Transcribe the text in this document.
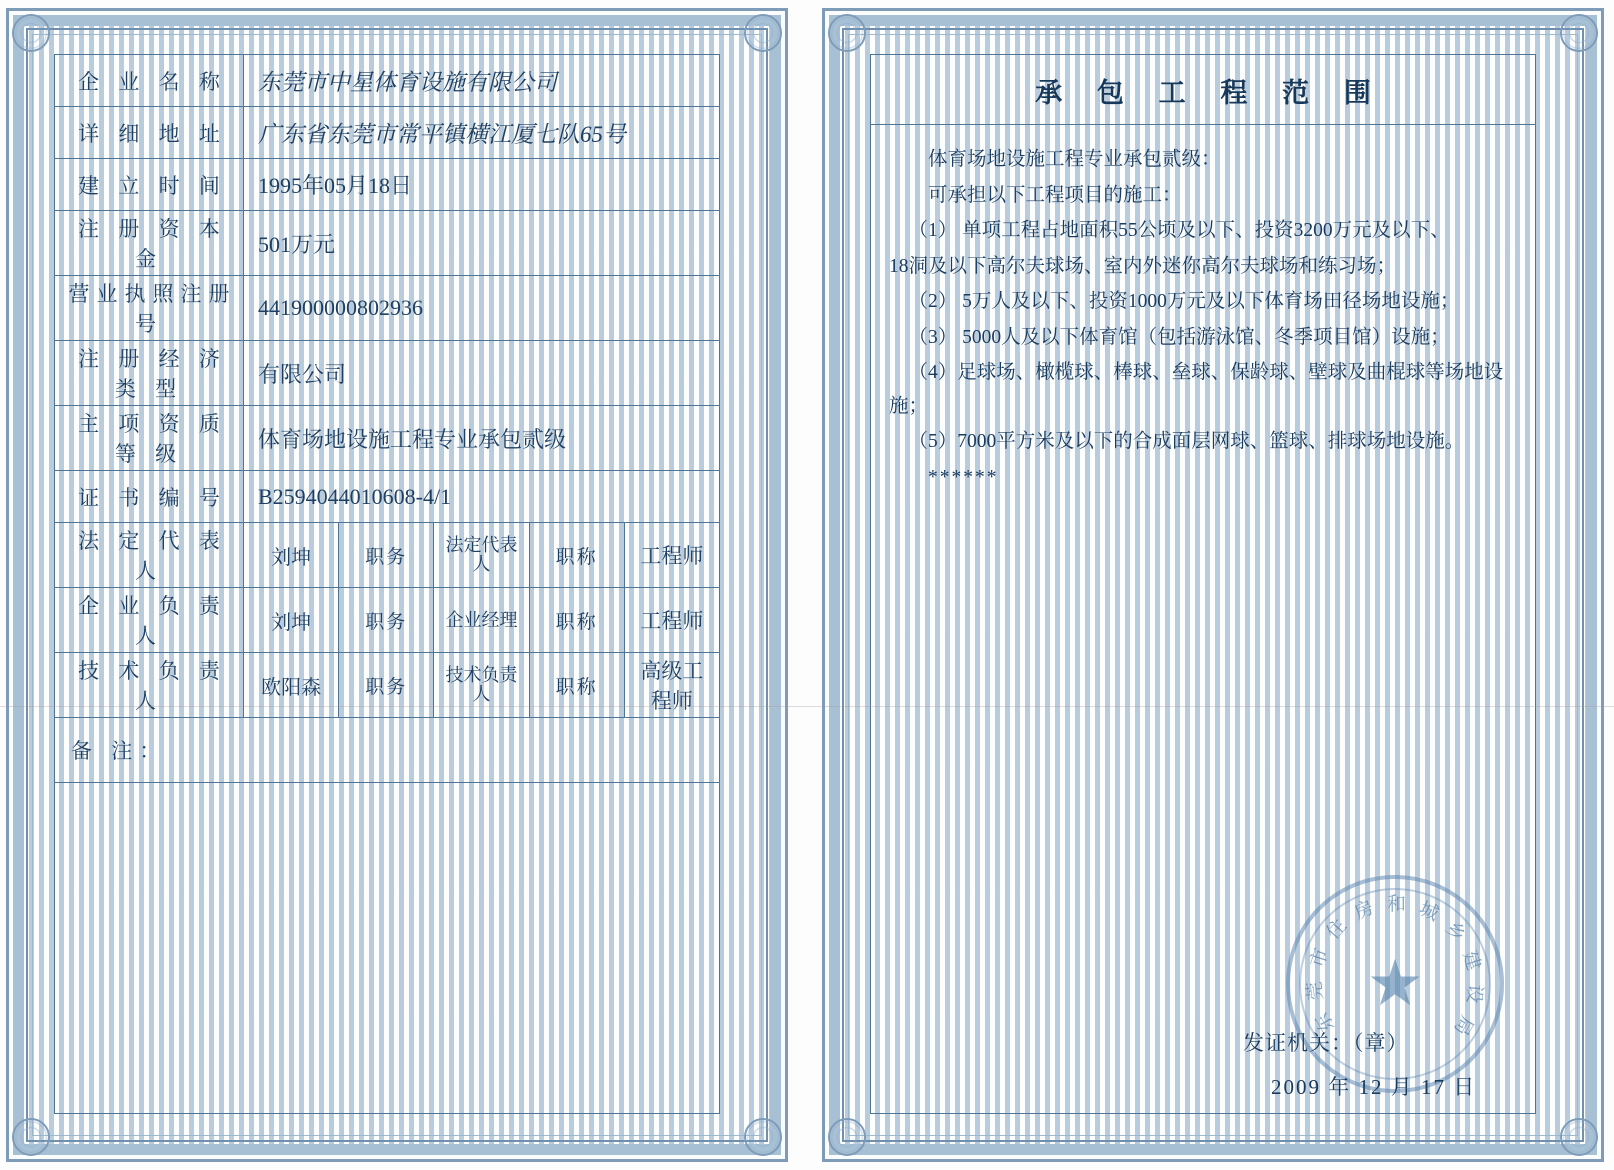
企 业 名 称	东莞市中星体育设施有限公司				
详 细 地 址	广东省东莞市常平镇横江厦七队65号				
建 立 时 间	1995年05月18日				
注 册 资 本 金	501万元				
营业执照注册号	441900000802936				
注 册 经 济 类 型	有限公司				
主 项 资 质 等 级	体育场地设施工程专业承包贰级				
证 书 编 号	B2594044010608-4/1				
法 定 代 表 人	刘坤	职务	法定代表人	职称	工程师
企 业 负 责 人	刘坤	职务	企业经理	职称	工程师
技 术 负 责 人	欧阳森	职务	技术负责人	职称	高级工程师
备 注：					
承 包 工 程 范 围

体育场地设施工程专业承包贰级：

可承担以下工程项目的施工：

（1） 单项工程占地面积55公顷及以下、投资3200万元及以下、

18洞及以下高尔夫球场、室内外迷你高尔夫球场和练习场；

（2） 5万人及以下、投资1000万元及以下体育场田径场地设施；

（3） 5000人及以下体育馆（包括游泳馆、冬季项目馆）设施；

（4）足球场、橄榄球、棒球、垒球、保龄球、壁球及曲棍球等场地设施；

（5）7000平方米及以下的合成面层网球、篮球、排球场地设施。

******

东
莞
市
住
房 和 城
乡
建
设
局
★
发证机关：（章）
2009 年 12 月 17 日
